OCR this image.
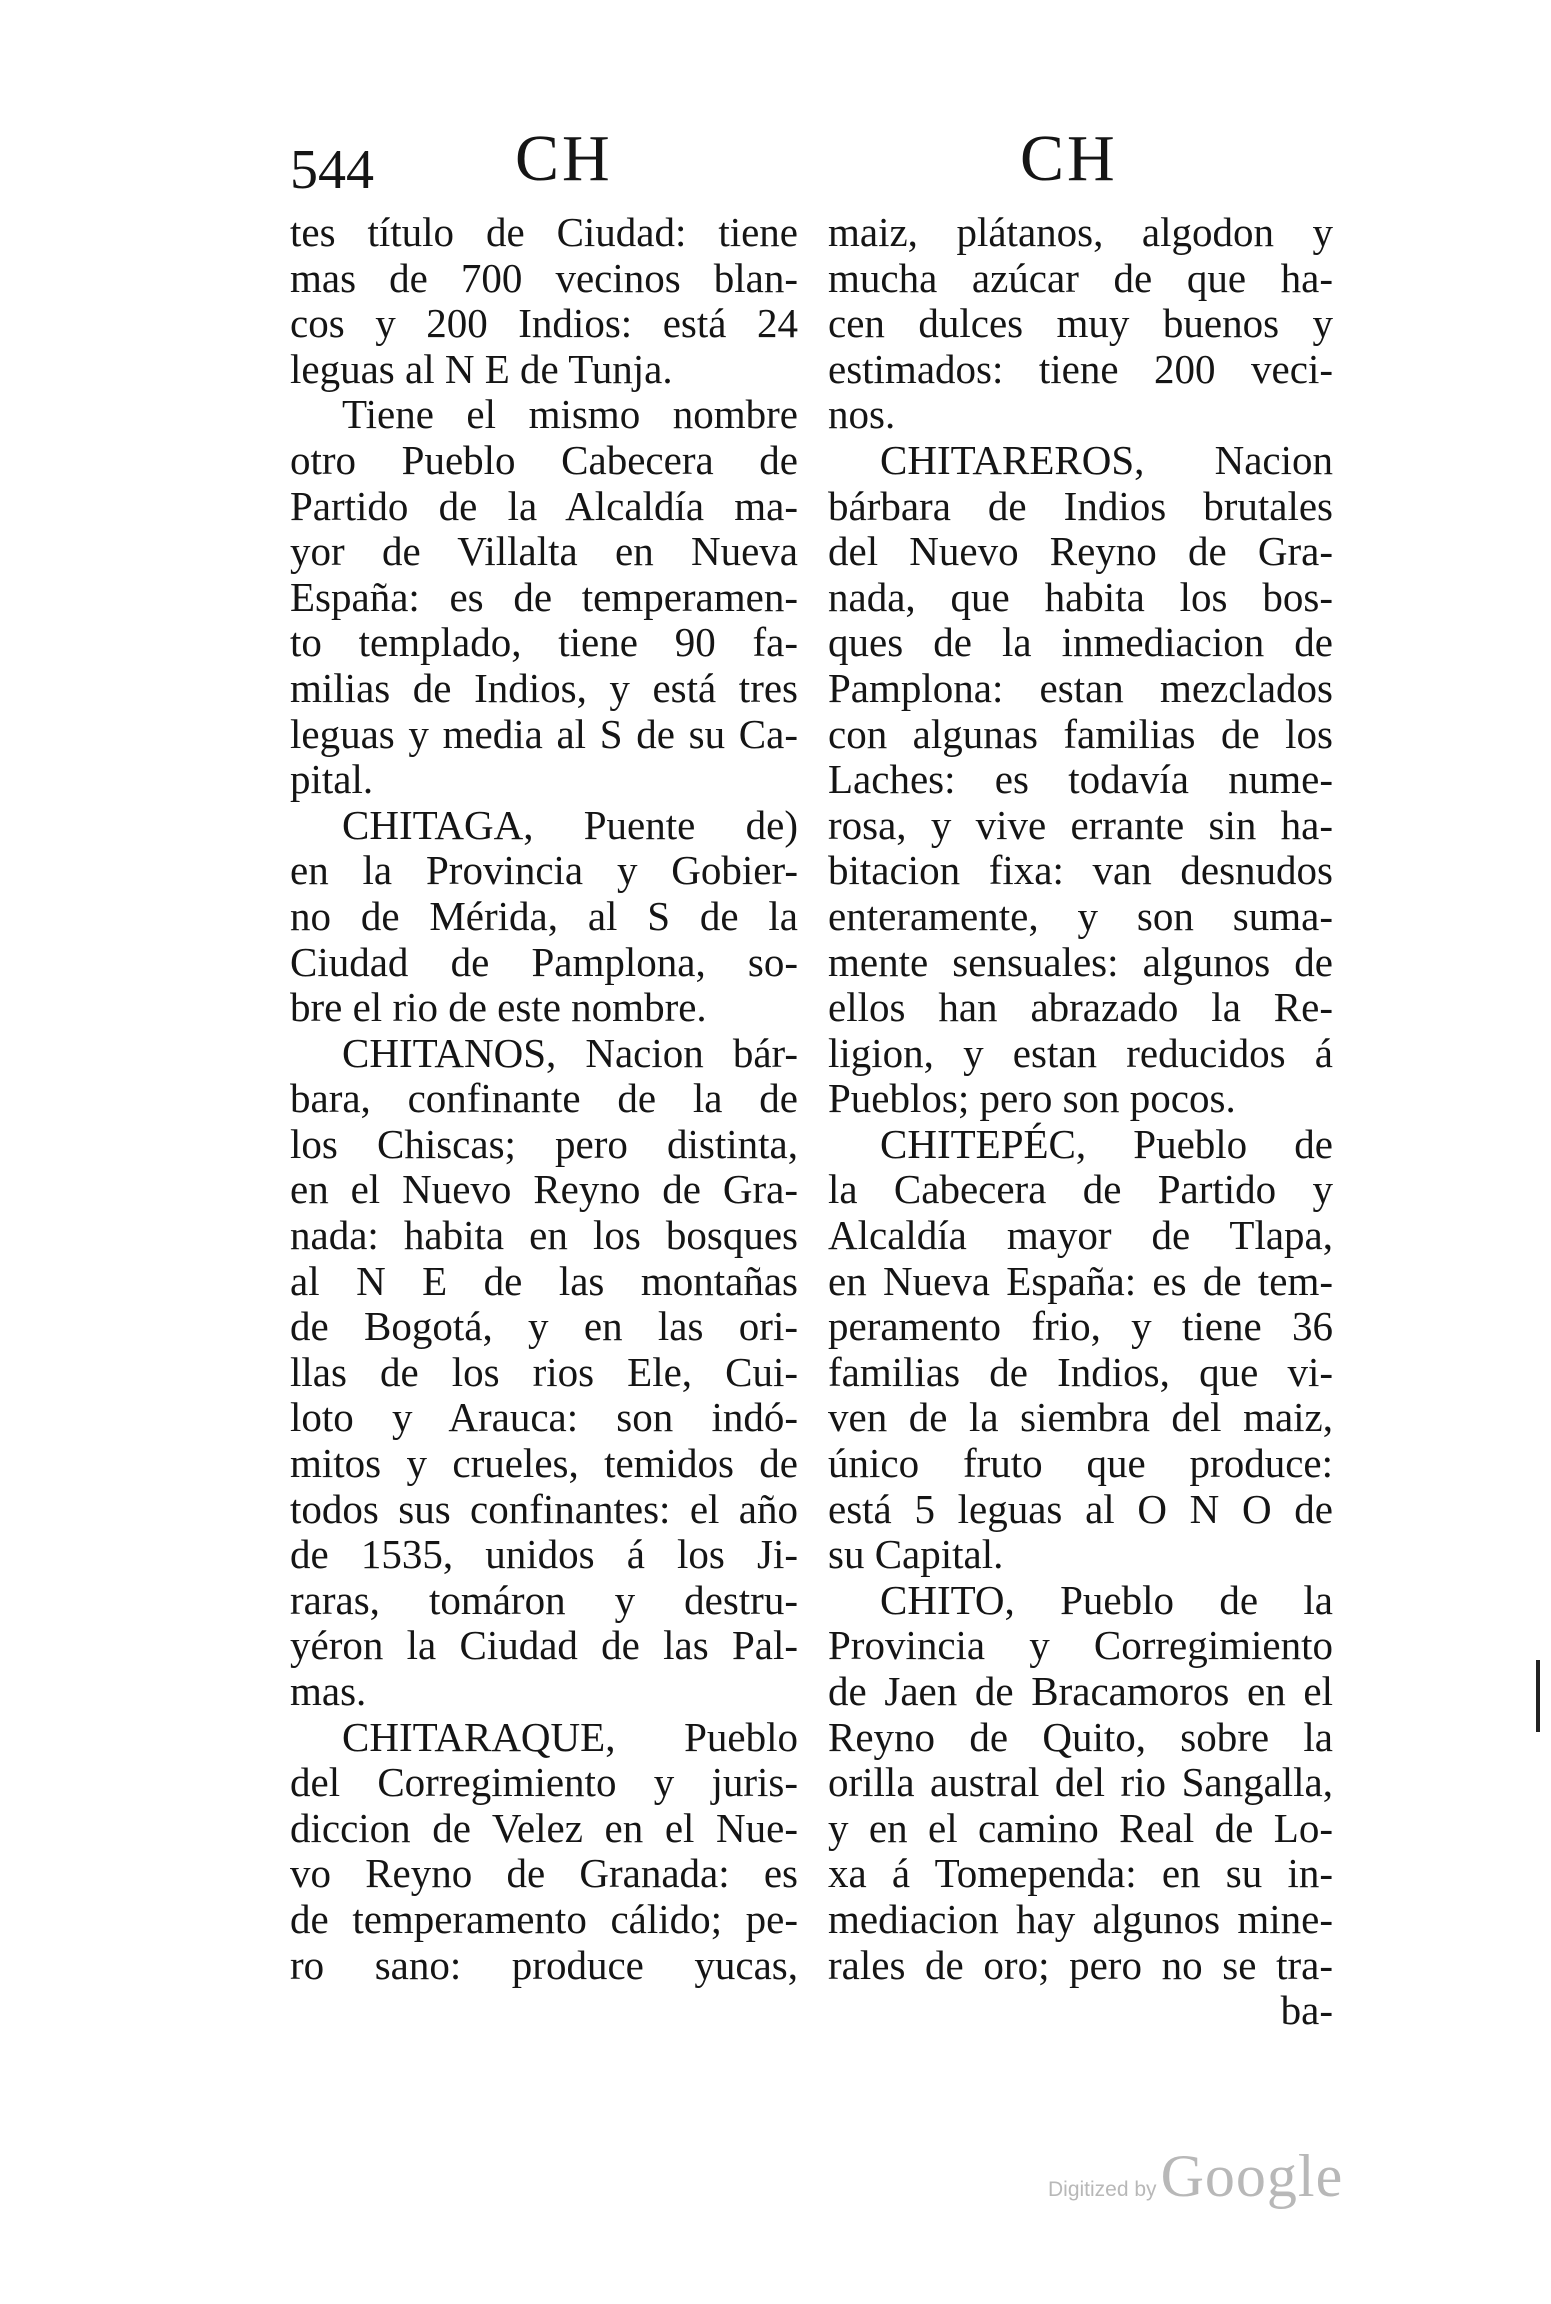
544 CH	CH
tes título de Ciudad: tiene
mas de 700 vecinos blan-
cos y 200 Indios: está 24
leguas al N E de Tunja.
Tiene el mismo nombre
otro Pueblo Cabecera de
Partido de la Alcaldía ma-
yor de Villalta en Nueva
España: es de temperamen-
to templado, tiene 90 fa-
milias de Indios, y está tres
leguas y media al S de su Ca-
pital.
CHITAGA, Puente de)
en la Provincia y Gobier-
no de Mérida, al S de la
Ciudad de Pamplona, so-
bre el rio de este nombre.
CHITANOS, Nacion bár-
bara, confinante de la de
los Chiscas; pero distinta,
en el Nuevo Reyno de Gra-
nada: habita en los bosques
al N E de las montañas
de Bogotá, y en las ori-
llas de los rios Ele, Cui-
loto y Arauca: son indó-
mitos y crueles, temidos de
todos sus confinantes: el año
de 1535, unidos á los Ji-
raras, tomáron y destru-
yéron la Ciudad de las Pal-
mas.
CHITARAQUE, Pueblo
del Corregimiento y juris-
diccion de Velez en el Nue-
vo Reyno de Granada: es
de temperamento cálido; pe-
ro sano: produce yucas,
maiz, plátanos, algodon y
mucha azúcar de que ha-
cen dulces muy buenos y
estimados: tiene 200 veci-
nos.
CHITAREROS, Nacion
bárbara de Indios brutales
del Nuevo Reyno de Gra-
nada, que habita los bos-
ques de la inmediacion de
Pamplona: estan mezclados
con algunas familias de los
Laches: es todavía nume-
rosa, y vive errante sin ha-
bitacion fixa: van desnudos
enteramente, y son suma-
mente sensuales: algunos de
ellos han abrazado la Re-
ligion, y estan reducidos á
Pueblos; pero son pocos.
CHITEPÉC, Pueblo de
la Cabecera de Partido y
Alcaldía mayor de Tlapa,
en Nueva España: es de tem-
peramento frio, y tiene 36
familias de Indios, que vi-
ven de la siembra del maiz,
único fruto que produce:
está 5 leguas al O N O de
su Capital.
CHITO, Pueblo de la
Provincia y Corregimiento
de Jaen de Bracamoros en el
Reyno de Quito, sobre la
orilla austral del rio Sangalla,
y en el camino Real de Lo-
xa á Tomependa: en su in-
mediacion hay algunos mine-
rales de oro; pero no se tra-
ba-
Digitized by Google
